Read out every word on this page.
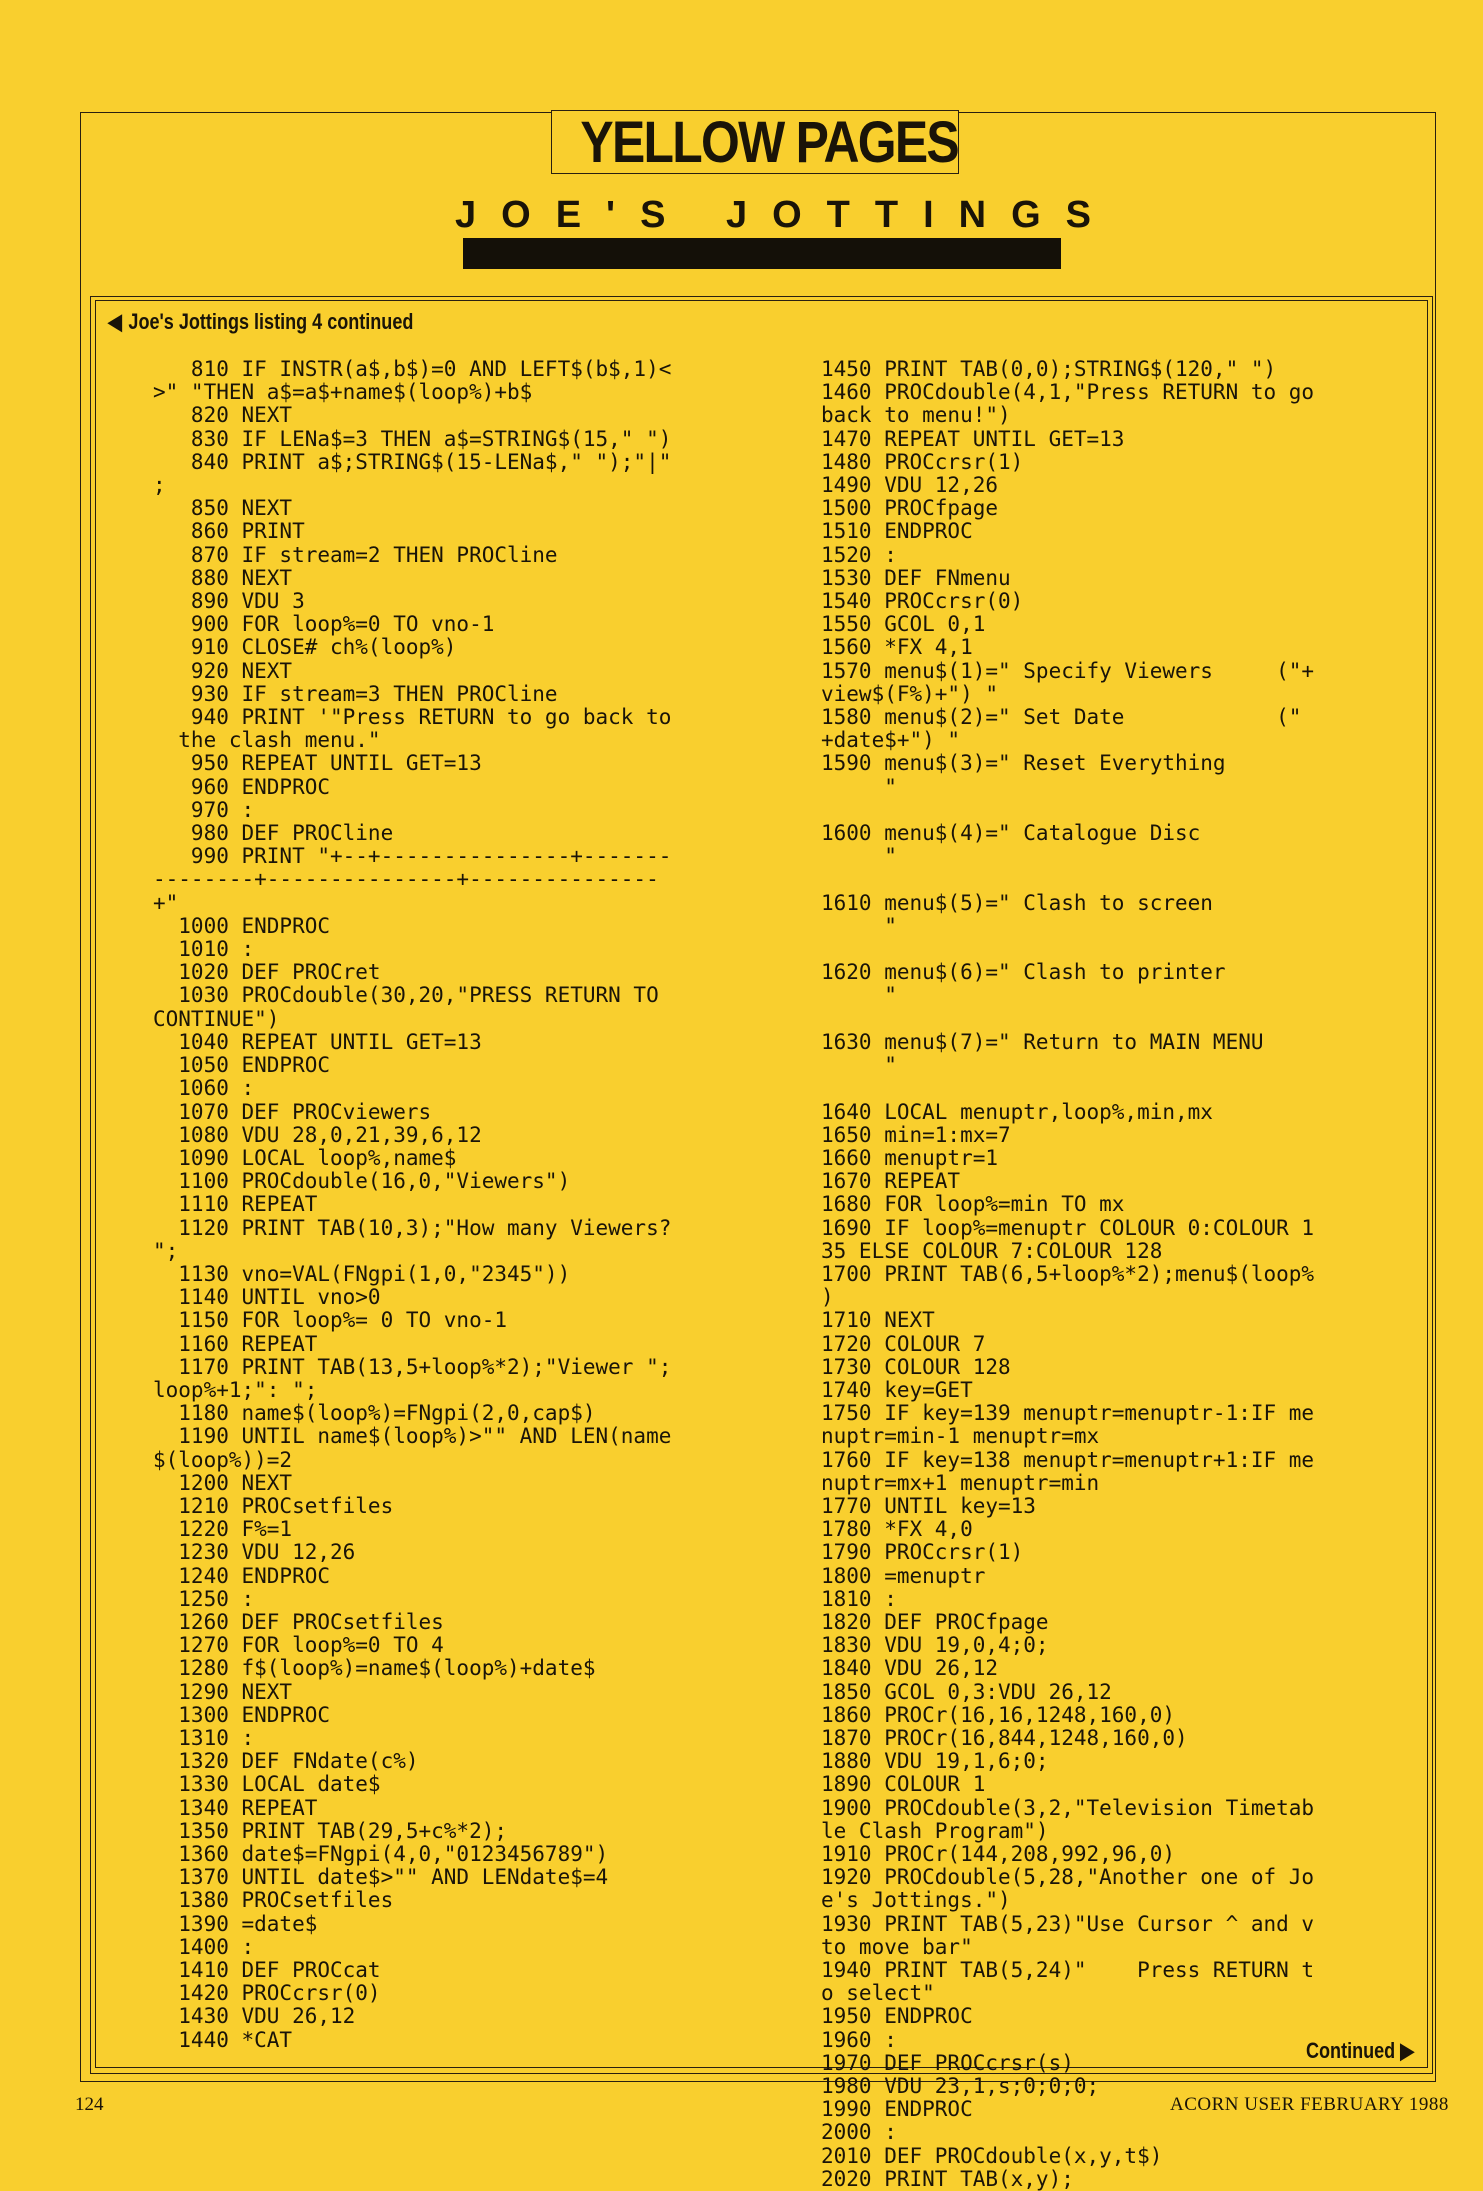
YELLOW PAGES
JOE'S JOTTINGS
◀ Joe's Jottings listing 4 continued
810 IF INSTR(a$,b$)=0 AND LEFT$(b$,1)<
>" "THEN a$=a$+name$(loop%)+b$
820 NEXT
830 IF LENa$=3 THEN a$=STRING$(15," ")
840 PRINT a$;STRING$(15-LENa$," ");"|"
;
850 NEXT
860 PRINT
870 IF stream=2 THEN PROCline
880 NEXT
890 VDU 3
900 FOR loop%=0 TO vno-1
910 CLOSE# ch%(loop%)
920 NEXT
930 IF stream=3 THEN PROCline
940 PRINT '"Press RETURN to go back to
the clash menu."
950 REPEAT UNTIL GET=13
960 ENDPROC
970 :
980 DEF PROCline
990 PRINT "+--+---------------+-------
--------+---------------+---------------
+"
1000 ENDPROC
1010 :
1020 DEF PROCret
1030 PROCdouble(30,20,"PRESS RETURN TO
CONTINUE")
1040 REPEAT UNTIL GET=13
1050 ENDPROC
1060 :
1070 DEF PROCviewers
1080 VDU 28,0,21,39,6,12
1090 LOCAL loop%,name$
1100 PROCdouble(16,0,"Viewers")
1110 REPEAT
1120 PRINT TAB(10,3);"How many Viewers?
";
1130 vno=VAL(FNgpi(1,0,"2345"))
1140 UNTIL vno>0
1150 FOR loop%= 0 TO vno-1
1160 REPEAT
1170 PRINT TAB(13,5+loop%*2);"Viewer ";
loop%+1;": ";
1180 name$(loop%)=FNgpi(2,0,cap$)
1190 UNTIL name$(loop%)>"" AND LEN(name
$(loop%))=2
1200 NEXT
1210 PROCsetfiles
1220 F%=1
1230 VDU 12,26
1240 ENDPROC
1250 :
1260 DEF PROCsetfiles
1270 FOR loop%=0 TO 4
1280 f$(loop%)=name$(loop%)+date$
1290 NEXT
1300 ENDPROC
1310 :
1320 DEF FNdate(c%)
1330 LOCAL date$
1340 REPEAT
1350 PRINT TAB(29,5+c%*2);
1360 date$=FNgpi(4,0,"0123456789")
1370 UNTIL date$>"" AND LENdate$=4
1380 PROCsetfiles
1390 =date$
1400 :
1410 DEF PROCcat
1420 PROCcrsr(0)
1430 VDU 26,12
1440 *CAT
1450 PRINT TAB(0,0);STRING$(120," ")
1460 PROCdouble(4,1,"Press RETURN to go
back to menu!")
1470 REPEAT UNTIL GET=13
1480 PROCcrsr(1)
1490 VDU 12,26
1500 PROCfpage
1510 ENDPROC
1520 :
1530 DEF FNmenu
1540 PROCcrsr(0)
1550 GCOL 0,1
1560 *FX 4,1
1570 menu$(1)=" Specify Viewers     ("+
view$(F%)+") "
1580 menu$(2)=" Set Date            ("
+date$+") "
1590 menu$(3)=" Reset Everything
"

1600 menu$(4)=" Catalogue Disc
"

1610 menu$(5)=" Clash to screen
"

1620 menu$(6)=" Clash to printer
"

1630 menu$(7)=" Return to MAIN MENU
"

1640 LOCAL menuptr,loop%,min,mx
1650 min=1:mx=7
1660 menuptr=1
1670 REPEAT
1680 FOR loop%=min TO mx
1690 IF loop%=menuptr COLOUR 0:COLOUR 1
35 ELSE COLOUR 7:COLOUR 128
1700 PRINT TAB(6,5+loop%*2);menu$(loop%
)
1710 NEXT
1720 COLOUR 7
1730 COLOUR 128
1740 key=GET
1750 IF key=139 menuptr=menuptr-1:IF me
nuptr=min-1 menuptr=mx
1760 IF key=138 menuptr=menuptr+1:IF me
nuptr=mx+1 menuptr=min
1770 UNTIL key=13
1780 *FX 4,0
1790 PROCcrsr(1)
1800 =menuptr
1810 :
1820 DEF PROCfpage
1830 VDU 19,0,4;0;
1840 VDU 26,12
1850 GCOL 0,3:VDU 26,12
1860 PROCr(16,16,1248,160,0)
1870 PROCr(16,844,1248,160,0)
1880 VDU 19,1,6;0;
1890 COLOUR 1
1900 PROCdouble(3,2,"Television Timetab
le Clash Program")
1910 PROCr(144,208,992,96,0)
1920 PROCdouble(5,28,"Another one of Jo
e's Jottings.")
1930 PRINT TAB(5,23)"Use Cursor ^ and v
to move bar"
1940 PRINT TAB(5,24)"    Press RETURN t
o select"
1950 ENDPROC
1960 :
1970 DEF PROCcrsr(s)
1980 VDU 23,1,s;0;0;0;
1990 ENDPROC
2000 :
2010 DEF PROCdouble(x,y,t$)
2020 PRINT TAB(x,y);
Continued ▶
124	ACORN USER FEBRUARY 1988
